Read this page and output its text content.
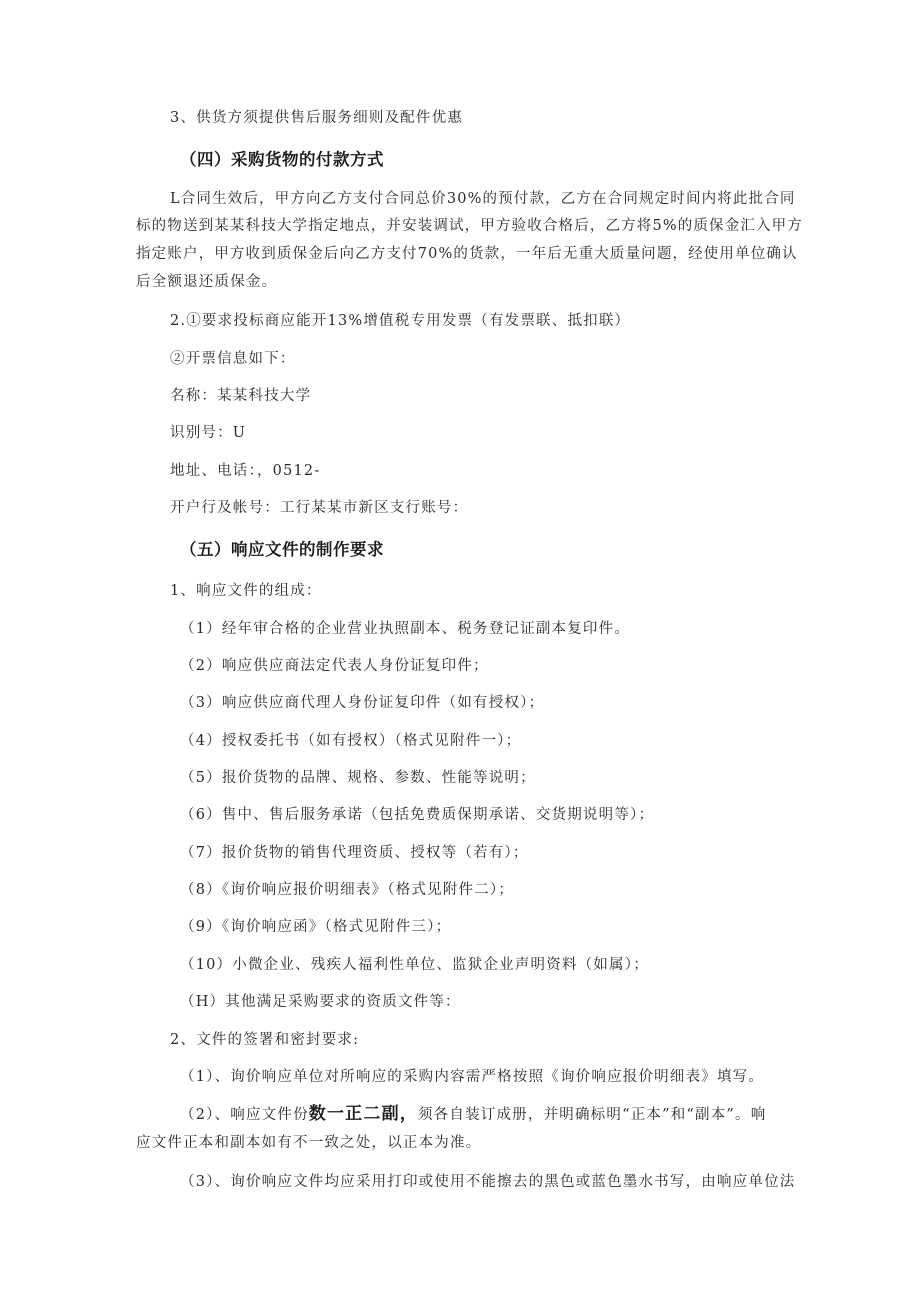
3、供货方须提供售后服务细则及配件优惠
（四）采购货物的付款方式
L合同生效后，甲方向乙方支付合同总价30%的预付款，乙方在合同规定时间内将此批合同
标的物送到某某科技大学指定地点，并安装调试，甲方验收合格后，乙方将5%的质保金汇入甲方
指定账户，甲方收到质保金后向乙方支付70%的货款，一年后无重大质量问题，经使用单位确认
后全额退还质保金。
2.①要求投标商应能开13%增值税专用发票（有发票联、抵扣联）
②开票信息如下：
名称：某某科技大学
识别号：U
地址、电话：，0512-
开户行及帐号：工行某某市新区支行账号：
（五）响应文件的制作要求
1、响应文件的组成：
（1）经年审合格的企业营业执照副本、税务登记证副本复印件。
（2）响应供应商法定代表人身份证复印件；
（3）响应供应商代理人身份证复印件（如有授权）；
（4）授权委托书（如有授权）（格式见附件一）；
（5）报价货物的品牌、规格、参数、性能等说明；
（6）售中、售后服务承诺（包括免费质保期承诺、交货期说明等）；
（7）报价货物的销售代理资质、授权等（若有）；
（8）《询价响应报价明细表》（格式见附件二）；
（9）《询价响应函》（格式见附件三）；
（10）小微企业、残疾人福利性单位、监狱企业声明资料（如属）；
（H）其他满足采购要求的资质文件等：
2、文件的签署和密封要求:
（1）、询价响应单位对所响应的采购内容需严格按照《询价响应报价明细表》填写。
（2）、响应文件份数一正二副，须各自装订成册，并明确标明“正本”和“副本”。响
应文件正本和副本如有不一致之处，以正本为准。
（3）、询价响应文件均应采用打印或使用不能擦去的黑色或蓝色墨水书写，由响应单位法
